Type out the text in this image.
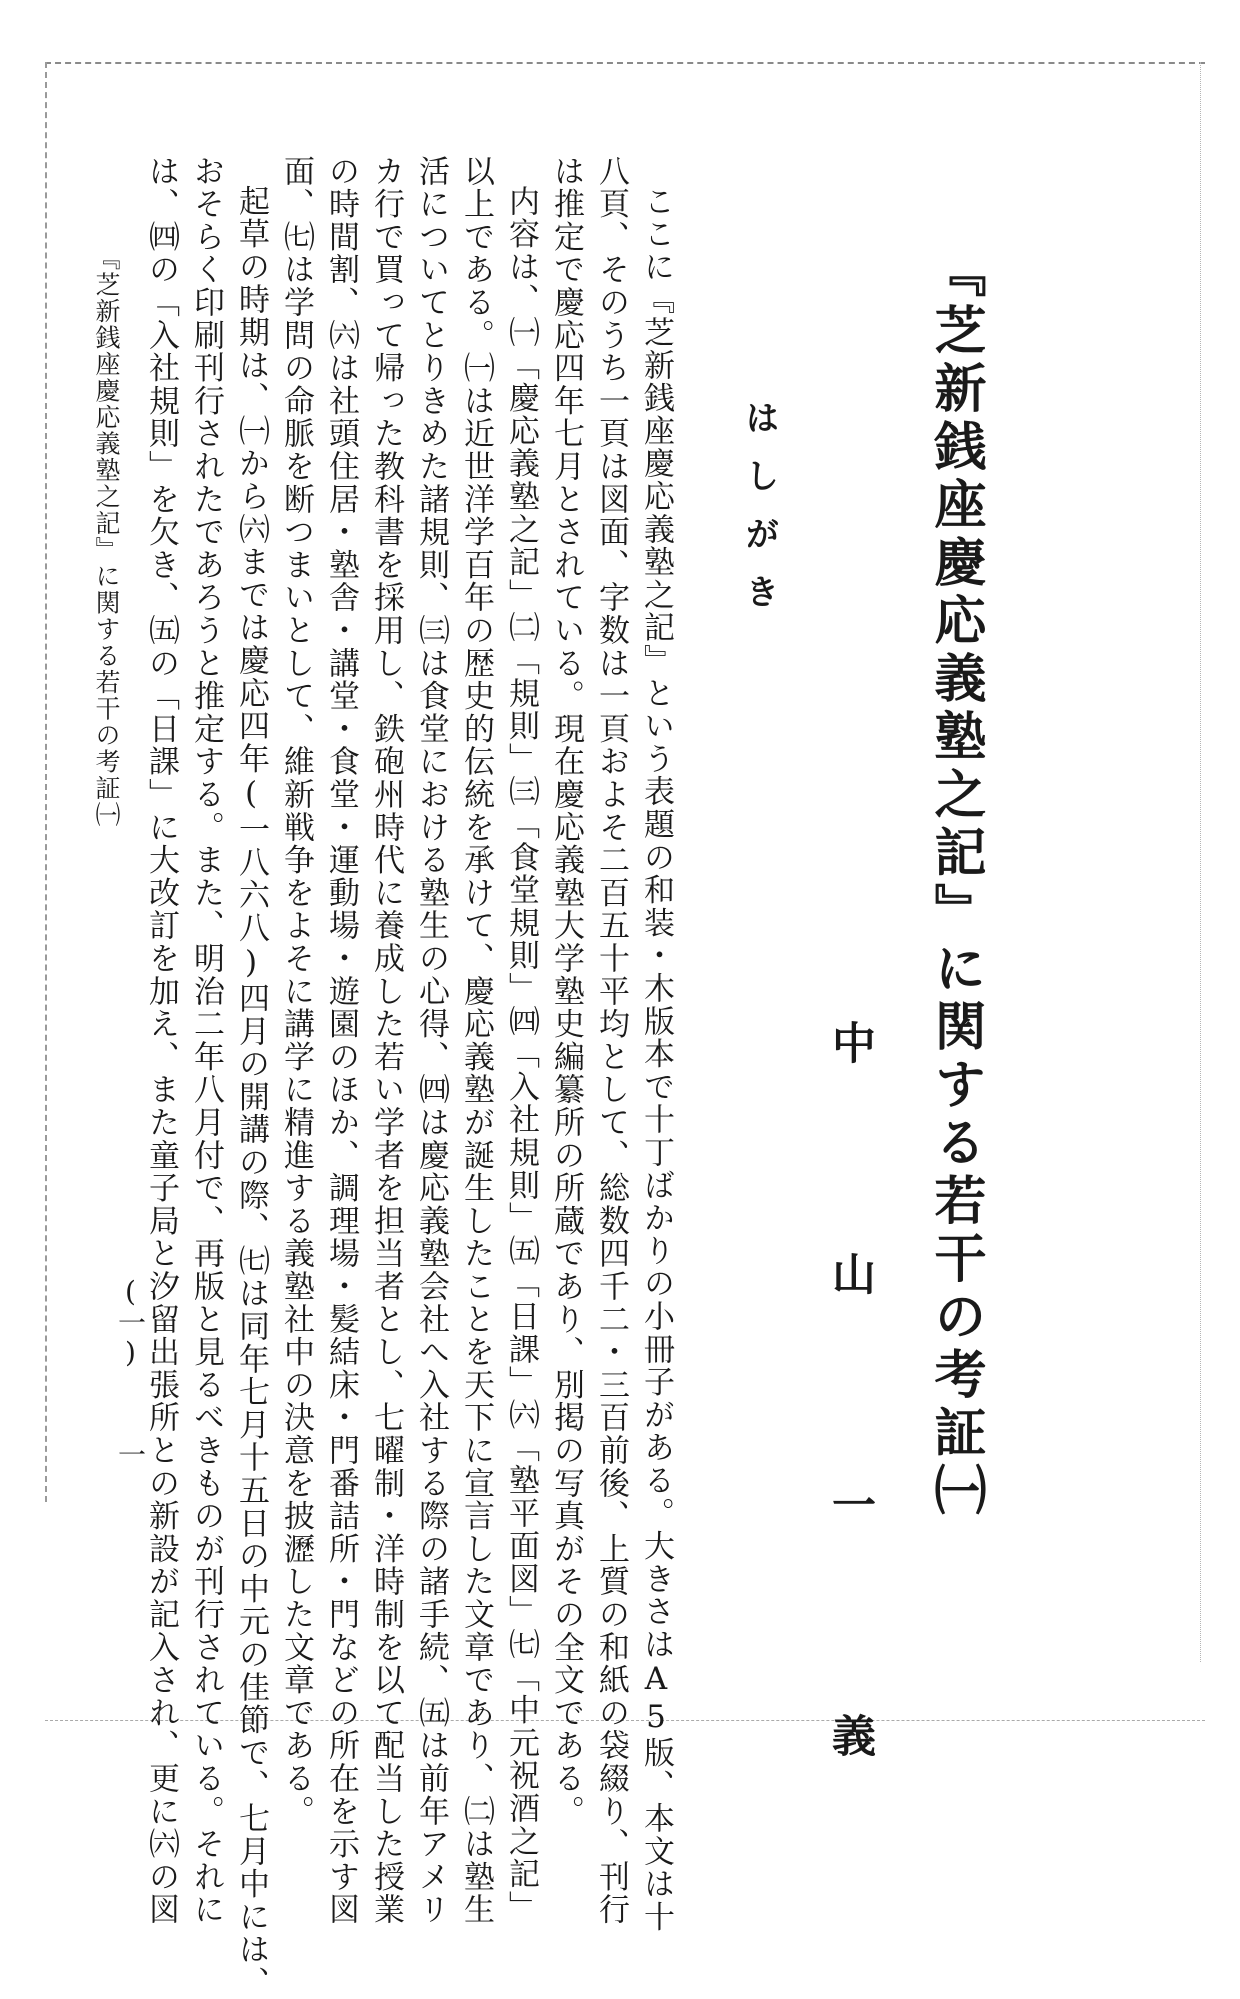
『芝新銭座慶応義塾之記』に関する若干の考証㈠
中 山 一 義
はしがき

ここに『芝新銭座慶応義塾之記』という表題の和装・木版本で十丁ばかりの小冊子がある。大きさはA5版、本文は十

八頁、そのうち一頁は図面、字数は一頁およそ二百五十平均として、総数四千二・三百前後、上質の和紙の袋綴り、刊行

は推定で慶応四年七月とされている。現在慶応義塾大学塾史編纂所の所蔵であり、別掲の写真がその全文である。

内容は、㈠「慶応義塾之記」㈡「規則」㈢「食堂規則」㈣「入社規則」㈤「日課」㈥「塾平面図」㈦「中元祝酒之記」

以上である。㈠は近世洋学百年の歴史的伝統を承けて、慶応義塾が誕生したことを天下に宣言した文章であり、㈡は塾生

活についてとりきめた諸規則、㈢は食堂における塾生の心得、㈣は慶応義塾会社へ入社する際の諸手続、㈤は前年アメリ

カ行で買って帰った教科書を採用し、鉄砲州時代に養成した若い学者を担当者とし、七曜制・洋時制を以て配当した授業

の時間割、㈥は社頭住居・塾舎・講堂・食堂・運動場・遊園のほか、調理場・髪結床・門番詰所・門などの所在を示す図

面、㈦は学問の命脈を断つまいとして、維新戦争をよそに講学に精進する義塾社中の決意を披瀝した文章である。

起草の時期は、㈠から㈥までは慶応四年(一八六八)四月の開講の際、㈦は同年七月十五日の中元の佳節で、七月中には、

おそらく印刷刊行されたであろうと推定する。また、明治二年八月付で、再版と見るべきものが刊行されている。それに

は、㈣の「入社規則」を欠き、㈤の「日課」に大改訂を加え、また童子局と汐留出張所との新設が記入され、更に㈥の図

『芝新銭座慶応義塾之記』に関する若干の考証㈠
(一)
一
